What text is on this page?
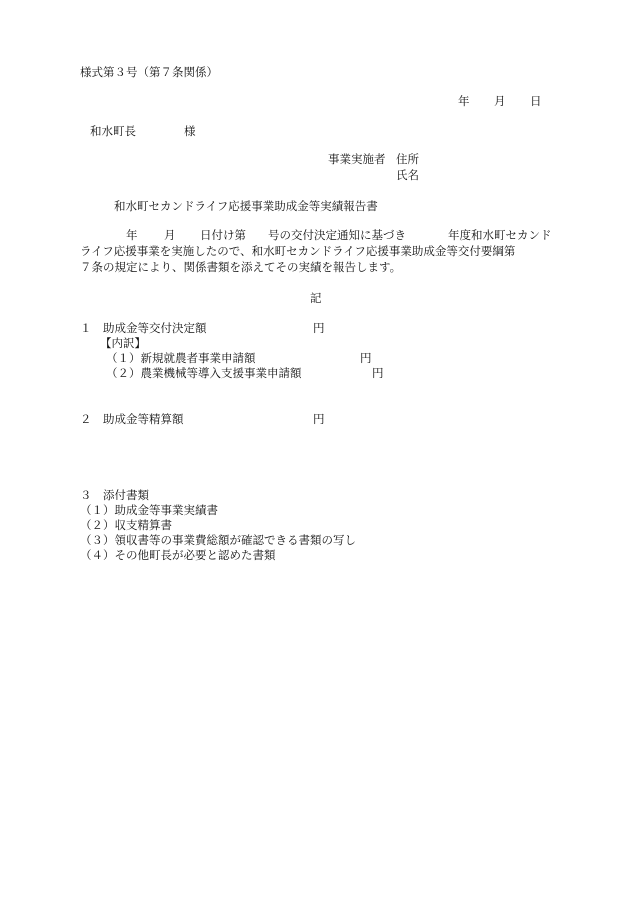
様式第３号（第７条関係）
年 月 日
和水町長	様
事業実施者 住所
氏名
和水町セカンドライフ応援事業助成金等実績報告書
年 月 日付け第 号の交付決定通知に基づき	年度和水町セカンド
ライフ応援事業を実施したので、和水町セカンドライフ応援事業助成金等交付要綱第
７条の規定により、関係書類を添えてその実績を報告します。
記
１　助成金等交付決定額	円
【内訳】
（１）新規就農者事業申請額	円
（２）農業機械等導入支援事業申請額	円
２　助成金等精算額	円
３　添付書類
（１）助成金等事業実績書
（２）収支精算書
（３）領収書等の事業費総額が確認できる書類の写し
（４）その他町長が必要と認めた書類
